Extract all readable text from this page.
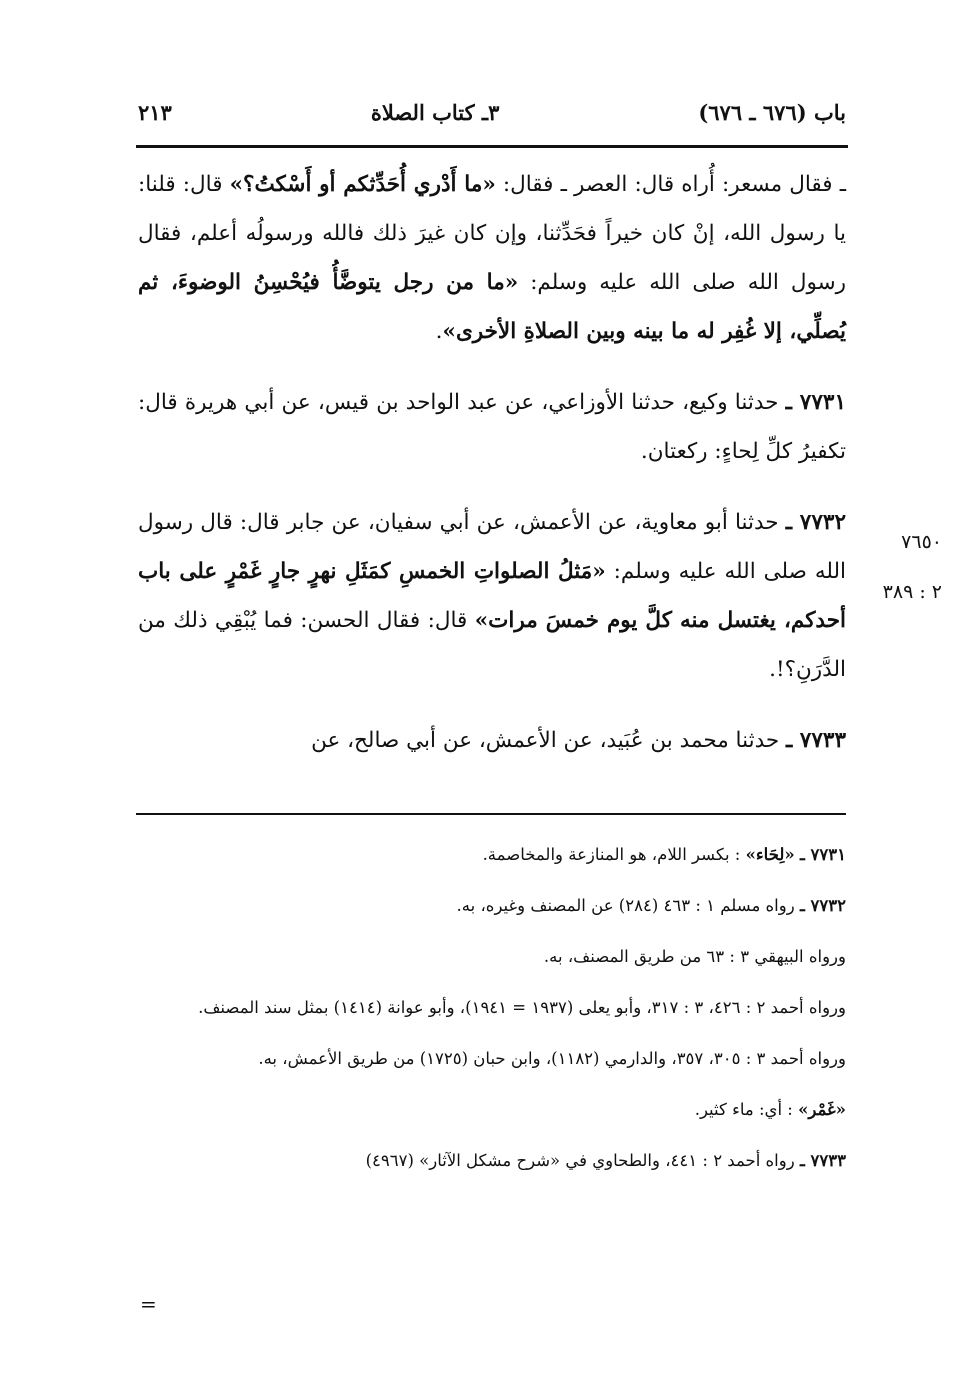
باب (٦٧٦ ـ ٦٧٦)
٣ـ كتاب الصلاة
٢١٣

ـ فقال مسعر: أُراه قال: العصر ـ فقال: «ما أَدْري أُحَدِّثكم أو أَسْكتُ؟» قال: قلنا: يا رسول الله، إنْ كان خيراً فحَدِّثنا، وإن كان غيرَ ذلك فالله ورسولُه أعلم، فقال رسول الله صلى الله عليه وسلم: «ما من رجل يتوضَّأُ فيُحْسِنُ الوضوءَ، ثم يُصلِّي، إلا غُفِر له ما بينه وبين الصلاةِ الأخرى».

٧٧٣١ ـ حدثنا وكيع، حدثنا الأوزاعي، عن عبد الواحد بن قيس، عن أبي هريرة قال: تكفيرُ كلِّ لِحاءٍ: ركعتان.

٧٧٣٢ ـ حدثنا أبو معاوية، عن الأعمش، عن أبي سفيان، عن جابر قال: قال رسول الله صلى الله عليه وسلم: «مَثلُ الصلواتِ الخمسِ كمَثَلِ نهرٍ جارٍ غَمْرٍ على باب أحدكم، يغتسل منه كلَّ يوم خمسَ مرات» قال: فقال الحسن: فما يُبْقِي ذلك من الدَّرَنِ؟!.

٧٧٣٣ ـ حدثنا محمد بن عُبَيد، عن الأعمش، عن أبي صالح، عن

٧٦٥٠
٢ : ٣٨٩

٧٧٣١ ـ «لِحَاء» : بكسر اللام، هو المنازعة والمخاصمة.

٧٧٣٢ ـ رواه مسلم ١ : ٤٦٣ (٢٨٤) عن المصنف وغيره، به.

ورواه البيهقي ٣ : ٦٣ من طريق المصنف، به.

ورواه أحمد ٢ : ٤٢٦، ٣ : ٣١٧، وأبو يعلى (١٩٣٧ = ١٩٤١)، وأبو عوانة (١٤١٤) بمثل سند المصنف.

ورواه أحمد ٣ : ٣٠٥، ٣٥٧، والدارمي (١١٨٢)، وابن حبان (١٧٢٥) من طريق الأعمش، به.

«غَمْر» : أي: ماء كثير.

٧٧٣٣ ـ رواه أحمد ٢ : ٤٤١، والطحاوي في «شرح مشكل الآثار» (٤٩٦٧)

=
